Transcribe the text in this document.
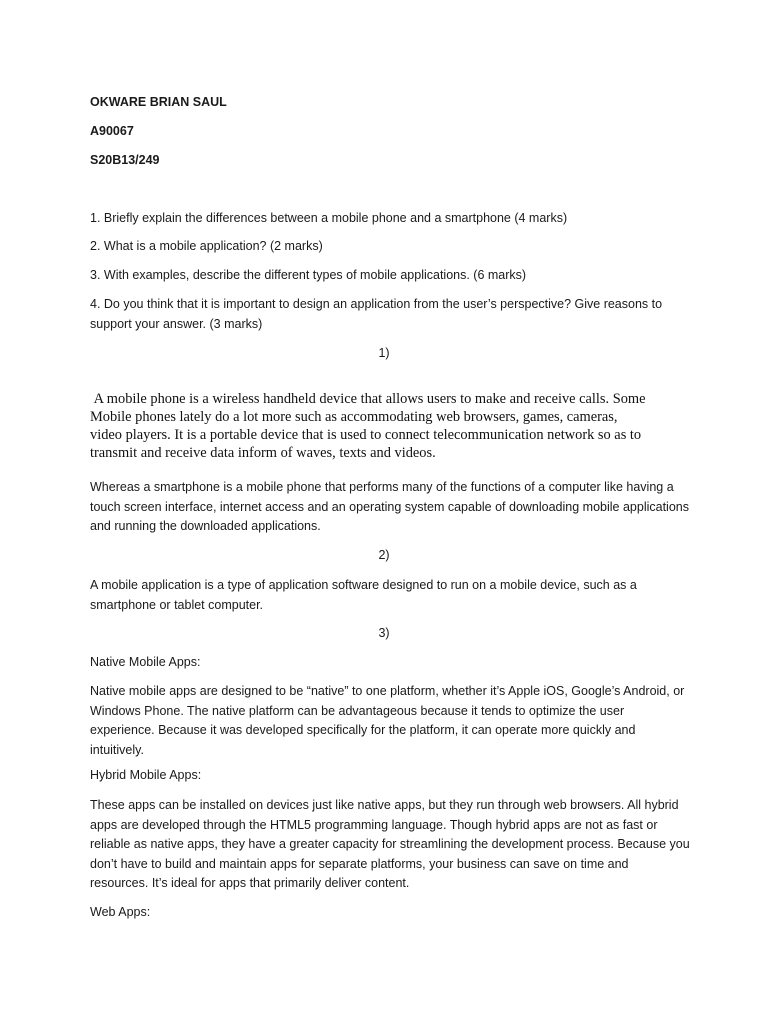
OKWARE BRIAN SAUL

A90067

S20B13/249

1. Briefly explain the differences between a mobile phone and a smartphone (4 marks)

2. What is a mobile application? (2 marks)

3. With examples, describe the different types of mobile applications. (6 marks)

4. Do you think that it is important to design an application from the user’s perspective? Give reasons to support your answer. (3 marks)

1)

A mobile phone is a wireless handheld device that allows users to make and receive calls. Some Mobile phones lately do a lot more such as accommodating web browsers, games, cameras, video players. It is a portable device that is used to connect telecommunication network so as to transmit and receive data inform of waves, texts and videos.

Whereas a smartphone is a mobile phone that performs many of the functions of a computer like having a touch screen interface, internet access and an operating system capable of downloading mobile applications and running the downloaded applications.

2)

A mobile application is a type of application software designed to run on a mobile device, such as a smartphone or tablet computer.

3)

Native Mobile Apps:

Native mobile apps are designed to be “native” to one platform, whether it’s Apple iOS, Google’s Android, or Windows Phone. The native platform can be advantageous because it tends to optimize the user experience. Because it was developed specifically for the platform, it can operate more quickly and intuitively.

Hybrid Mobile Apps:

These apps can be installed on devices just like native apps, but they run through web browsers. All hybrid apps are developed through the HTML5 programming language. Though hybrid apps are not as fast or reliable as native apps, they have a greater capacity for streamlining the development process. Because you don’t have to build and maintain apps for separate platforms, your business can save on time and resources. It’s ideal for apps that primarily deliver content.

Web Apps:
